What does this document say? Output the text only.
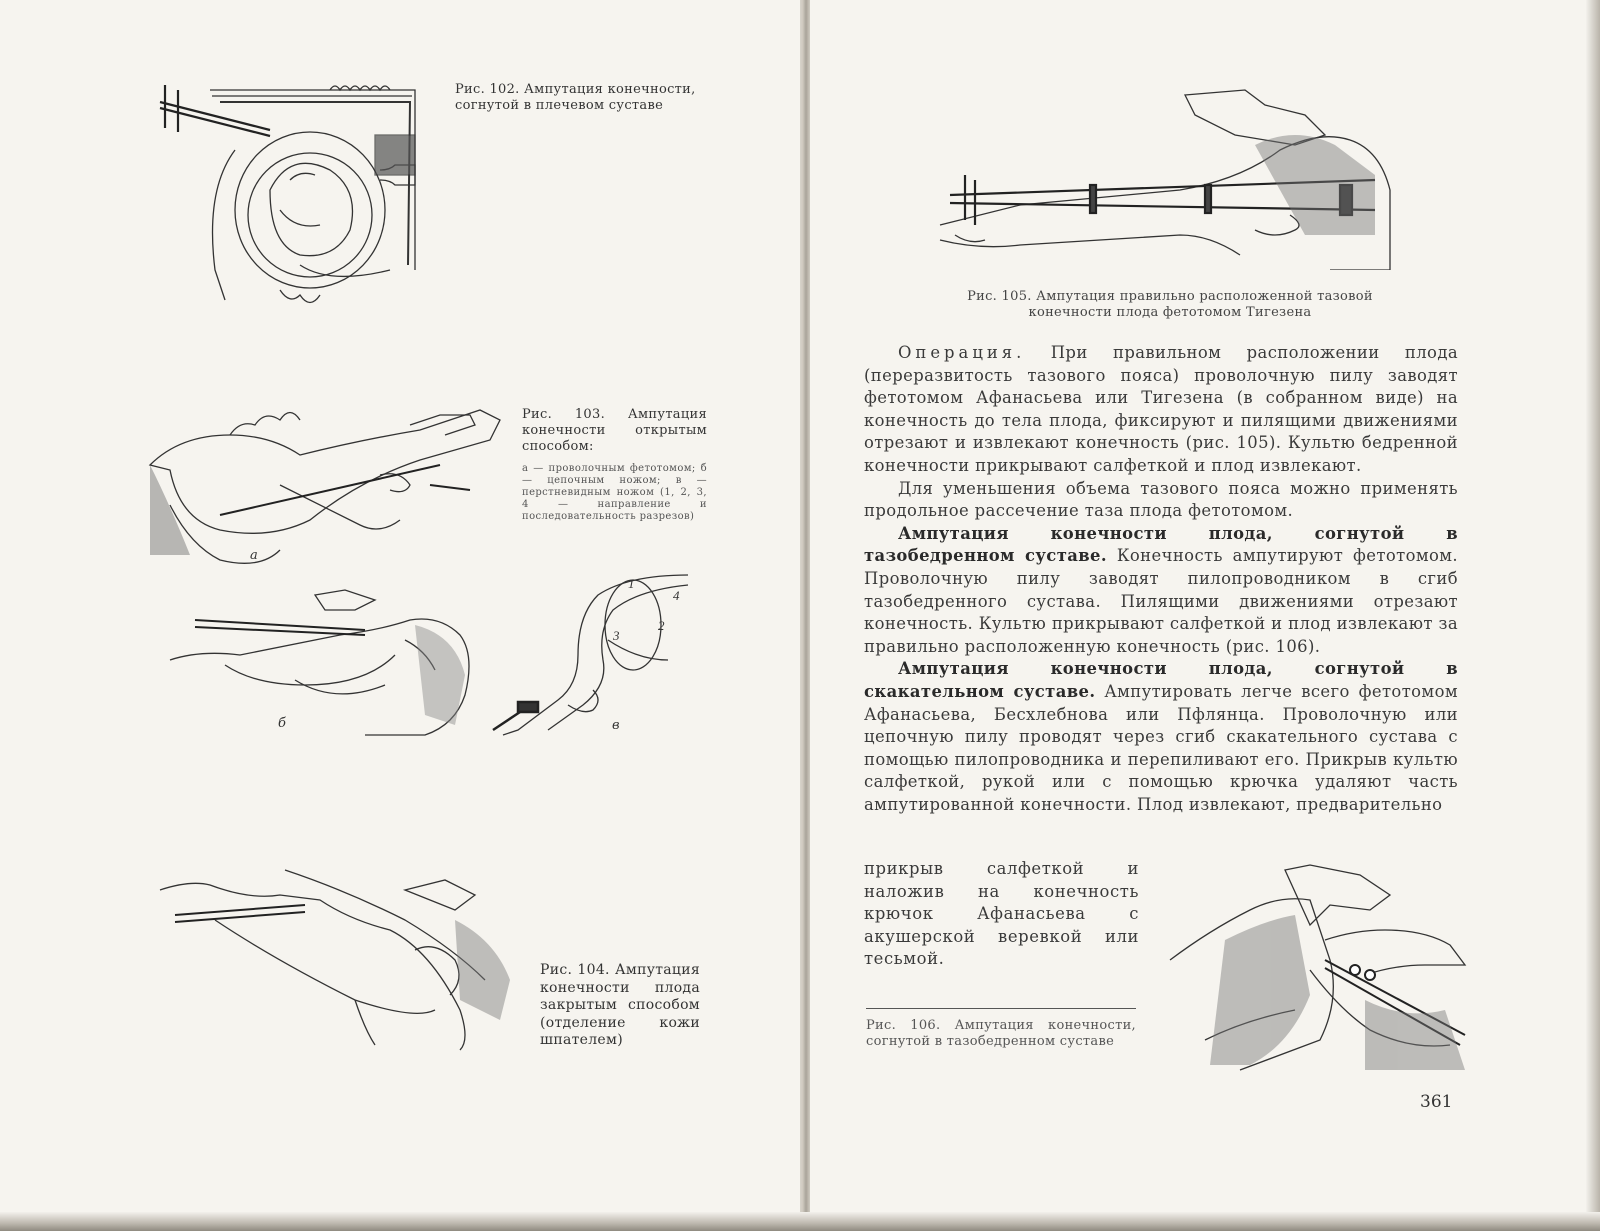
Рис. 102. Ампутация конечности, согнутой в плечевом суставе
а
Рис. 103. Ампутация конечности открытым способом:
а — проволочным фетотомом; б — цепочным ножом; в — перстневидным ножом (1, 2, 3, 4 — направление и последовательность разрезов)
б
4
2
3
1
в
Рис. 104. Ампутация конечности плода закрытым способом (отделение кожи шпателем)
Рис. 105. Ампутация правильно расположенной тазовой конечности плода фетотомом Тигезена

Операция. При правильном расположении плода (переразвитость тазового пояса) проволочную пилу заводят фетотомом Афанасьева или Тигезена (в собранном виде) на конечность до тела плода, фиксируют и пилящими движениями отрезают и извлекают конечность (рис. 105). Культю бедренной конечности прикрывают салфеткой и плод извлекают.

Для уменьшения объема тазового пояса можно применять продольное рассечение таза плода фетотомом.

Ампутация конечности плода, согнутой в тазобедренном суставе. Конечность ампутируют фетотомом. Проволочную пилу заводят пилопроводником в сгиб тазобедренного сустава. Пилящими движениями отрезают конечность. Культю прикрывают салфеткой и плод извлекают за правильно расположенную конечность (рис. 106).

Ампутация конечности плода, согнутой в скакательном суставе. Ампутировать легче всего фетотомом Афанасьева, Бесхлебнова или Пфлянца. Проволочную или цепочную пилу проводят через сгиб скакательного сустава с помощью пилопроводника и перепиливают его. Прикрыв культю салфеткой, рукой или с помощью крючка удаляют часть ампутированной конечности. Плод извлекают, предварительно

прикрыв салфеткой и наложив на конечность крючок Афанасьева с акушерской веревкой или тесьмой.
Рис. 106. Ампутация конечности, согнутой в тазобедренном суставе
361
